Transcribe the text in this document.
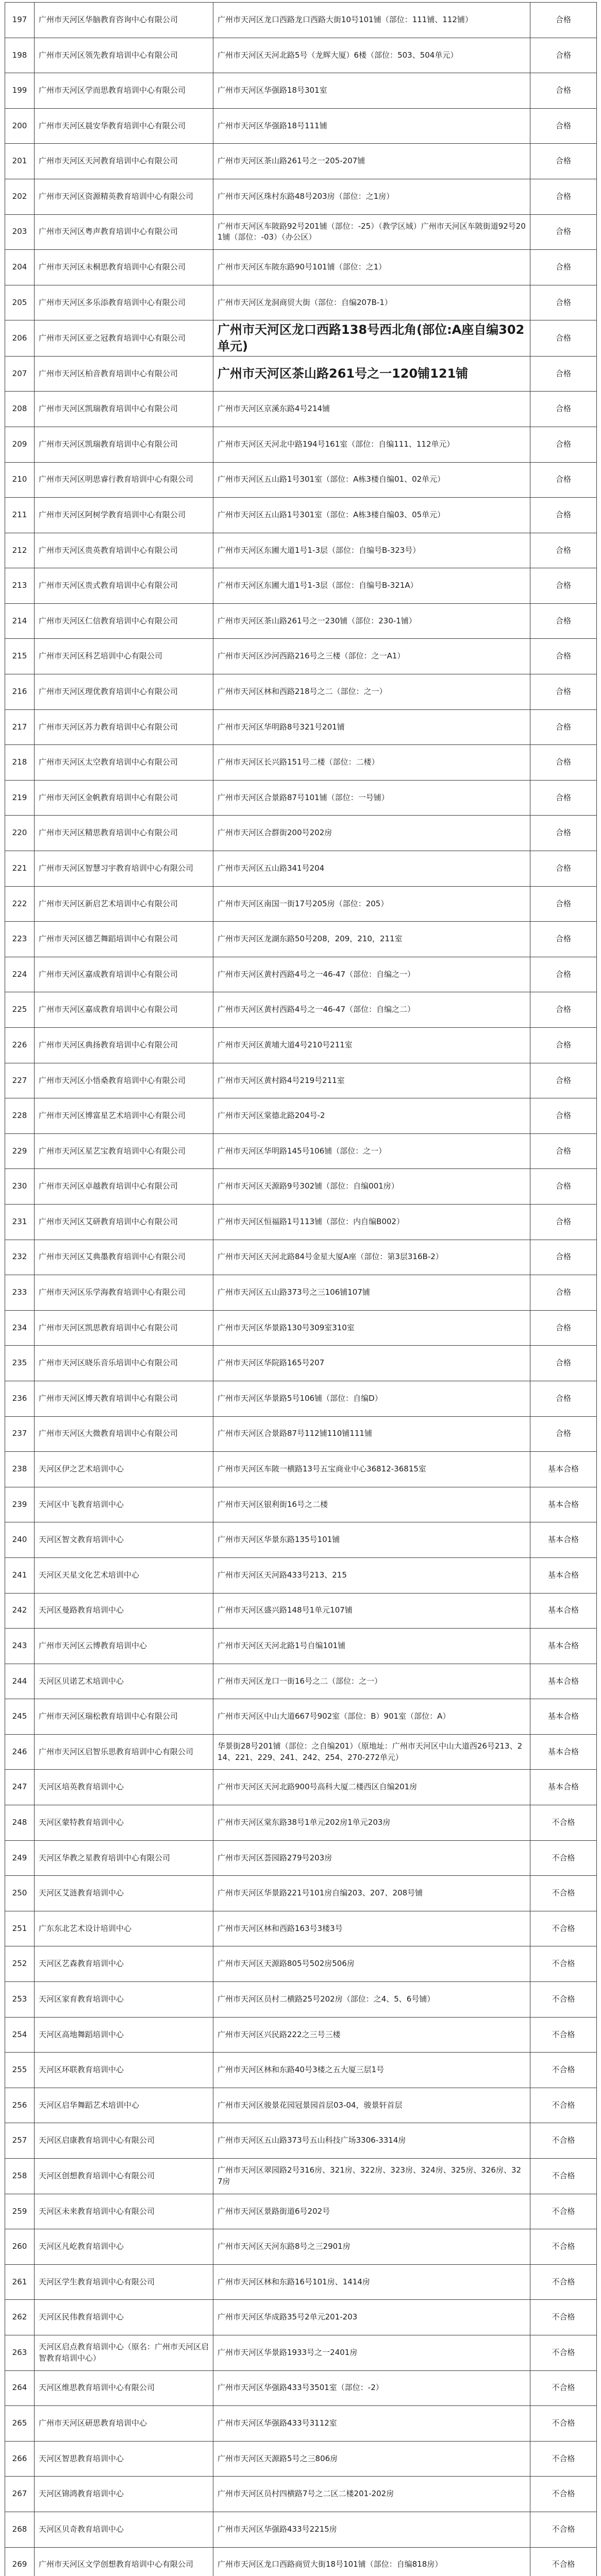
197	广州市天河区华脑教育咨询中心有限公司	广州市天河区龙口西路龙口西路大街10号101铺（部位：111铺、112铺）	合格
198	广州市天河区领先教育培训中心有限公司	广州市天河区天河北路5号（龙辉大厦）6楼（部位：503、504单元）	合格
199	广州市天河区学而思教育培训中心有限公司	广州市天河区华强路18号301室	合格
200	广州市天河区晨安华教育培训中心有限公司	广州市天河区华强路18号111铺	合格
201	广州市天河区天河教育培训中心有限公司	广州市天河区茶山路261号之一205-207铺	合格
202	广州市天河区资源精英教育培训中心有限公司	广州市天河区珠村东路48号203房（部位：之1房）	合格
203	广州市天河区粤声教育培训中心有限公司	广州市天河区车陂路92号201铺（部位：-25）（教学区域）广州市天河区车陂街道92号201铺（部位：-03）（办公区）	合格
204	广州市天河区未桐思教育培训中心有限公司	广州市天河区车陂东路90号101铺（部位：之1）	合格
205	广州市天河区多乐添教育培训中心有限公司	广州市天河区龙洞商贸大街（部位：自编207B-1）	合格
206	广州市天河区亚之冠教育培训中心有限公司	广州市天河区龙口西路138号西北角(部位:A座自编302单元)	合格
207	广州市天河区柏音教育培训中心有限公司	广州市天河区茶山路261号之一120铺121铺	合格
208	广州市天河区凯瑞教育培训中心有限公司	广州市天河区京溪东路4号214铺	合格
209	广州市天河区凯瑞教育培训中心有限公司	广州市天河区天河北中路194号161室（部位：自编111、112单元）	合格
210	广州市天河区明思睿行教育培训中心有限公司	广州市天河区五山路1号301室（部位：A栋3楼自编01、02单元）	合格
211	广州市天河区阿树学教育培训中心有限公司	广州市天河区五山路1号301室（部位：A栋3楼自编03、05单元）	合格
212	广州市天河区贵英教育培训中心有限公司	广州市天河区东圃大道1号1-3层（部位：自编号B-323号）	合格
213	广州市天河区贵式教育培训中心有限公司	广州市天河区东圃大道1号1-3层（部位：自编号B-321A）	合格
214	广州市天河区仁信教育培训中心有限公司	广州市天河区茶山路261号之一230铺（部位：230-1铺）	合格
215	广州市天河区科艺培训中心有限公司	广州市天河区沙河西路216号之三楼（部位：之一A1）	合格
216	广州市天河区理优教育培训中心有限公司	广州市天河区林和西路218号之二（部位：之一）	合格
217	广州市天河区苏力教育培训中心有限公司	广州市天河区华明路8号321号201铺	合格
218	广州市天河区太空教育培训中心有限公司	广州市天河区长兴路151号二楼（部位：二楼）	合格
219	广州市天河区金帆教育培训中心有限公司	广州市天河区合景路87号101铺（部位：一号铺）	合格
220	广州市天河区精思教育培训中心有限公司	广州市天河区合群街200号202房	合格
221	广州市天河区智慧习宇教育培训中心有限公司	广州市天河区五山路341号204	合格
222	广州市天河区新启艺术培训中心有限公司	广州市天河区南国一街17号205房（部位：205）	合格
223	广州市天河区德艺舞蹈培训中心有限公司	广州市天河区龙湖东路50号208，209，210，211室	合格
224	广州市天河区嘉成教育培训中心有限公司	广州市天河区黄村西路4号之一46-47（部位：自编之一）	合格
225	广州市天河区嘉成教育培训中心有限公司	广州市天河区黄村西路4号之一46-47（部位：自编之二）	合格
226	广州市天河区典扬教育培训中心有限公司	广州市天河区黄埔大道4号210号211室	合格
227	广州市天河区小悟桑教育培训中心有限公司	广州市天河区黄村路4号219号211室	合格
228	广州市天河区博富星艺术培训中心有限公司	广州市天河区棠德北路204号-2	合格
229	广州市天河区星艺宝教育培训中心有限公司	广州市天河区华明路145号106铺（部位：之一）	合格
230	广州市天河区卓越教育培训中心有限公司	广州市天河区天源路9号302铺（部位：自编001房）	合格
231	广州市天河区艾研教育培训中心有限公司	广州市天河区恒福路1号113铺（部位：内自编B002）	合格
232	广州市天河区艾典墨教育培训中心有限公司	广州市天河区天河北路84号金星大厦A座（部位：第3层316B-2）	合格
233	广州市天河区乐学海教育培训中心有限公司	广州市天河区五山路373号之三106铺107铺	合格
234	广州市天河区凯思教育培训中心有限公司	广州市天河区华景路130号309室310室	合格
235	广州市天河区晓乐音乐培训中心有限公司	广州市天河区华院路165号207	合格
236	广州市天河区博天教育培训中心有限公司	广州市天河区华景路5号106铺（部位：自编D）	合格
237	广州市天河区大微教育培训中心有限公司	广州市天河区合景路87号112铺110铺111铺	合格
238	天河区伊之艺术培训中心	广州市天河区车陂一横路13号五宝商业中心36812-36815室	基本合格
239	天河区中飞教育培训中心	广州市天河区银利街16号之二楼	基本合格
240	天河区智文教育培训中心	广州市天河区华景东路135号101铺	基本合格
241	天河区天星文化艺术培训中心	广州市天河区天河路433号213、215	基本合格
242	天河区曼路教育培训中心	广州市天河区盛兴路148号1单元107铺	基本合格
243	广州市天河区云博教育培训中心	广州市天河区天河北路1号自编101铺	基本合格
244	天河区贝诺艺术培训中心	广州市天河区龙口一街16号之二（部位：之一）	基本合格
245	广州市天河区瑞松教育培训中心有限公司	广州市天河区中山大道667号902室（部位：B）901室（部位：A）	基本合格
246	广州市天河区启智乐思教育培训中心有限公司	华景街28号201铺（部位：之自编201）（原地址：广州市天河区中山大道西26号213、214、221、229、241、242、254、270-272单元）	基本合格
247	天河区培英教育培训中心	广州市天河区天河北路900号高科大厦二楼西区自编201房	基本合格
248	天河区蒙特教育培训中心	广州市天河区棠东路38号1单元202房1单元203房	不合格
249	天河区华教之星教育培训中心有限公司	广州市天河区荟园路279号203房	不合格
250	天河区艾涟教育培训中心	广州市天河区华景路221号101房自编203、207、208号铺	不合格
251	广东东北艺术设计培训中心	广州市天河区林和西路163号3楼3号	不合格
252	天河区艺森教育培训中心	广州市天河区天源路805号502房506房	不合格
253	天河区家育教育培训中心	广州市天河区员村二横路25号202房（部位：之4、5、6号铺）	不合格
254	天河区高地舞蹈培训中心	广州市天河区兴民路222之三号三楼	不合格
255	天河区环联教育培训中心	广州市天河区林和东路40号3楼之五大厦三层1号	不合格
256	天河区启华舞蹈艺术培训中心	广州市天河区骏景花园冠景园首层03-04，骏景轩首层	不合格
257	天河区启康教育培训中心有限公司	广州市天河区五山路373号五山科技广场3306-3314房	不合格
258	天河区创想教育培训中心有限公司	广州市天河区翠园路2号316房、321房、322房、323房、324房、325房、326房、327房	不合格
259	天河区未来教育培训中心有限公司	广州市天河区景路街道6号202号	不合格
260	天河区凡屹教育培训中心	广州市天河区天河东路8号之三2901房	不合格
261	天河区学生教育培训中心有限公司	广州市天河区林和东路16号101房、1414房	不合格
262	天河区民伟教育培训中心	广州市天河区华成路35号2单元201-203	不合格
263	天河区启点教育培训中心（原名：广州市天河区启智教育培训中心）	广州市天河区华景路1933号之一2401房	不合格
264	天河区维思教育培训中心有限公司	广州市天河区华强路433号3501室（部位：-2）	不合格
265	广州市天河区研思教育培训中心	广州市天河区华强路433号3112室	不合格
266	天河区智思教育培训中心	广州市天河区天源路5号之三806房	不合格
267	天河区锦鸿教育培训中心	广州市天河区员村四横路7号之二区二楼201-202房	不合格
268	天河区贝奇教育培训中心	广州市天河区华强路433号2215房	不合格
269	广州市天河区文学创想教育培训中心有限公司	广州市天河区龙口西路商贸大街18号101铺（部位：自编818房）	不合格
